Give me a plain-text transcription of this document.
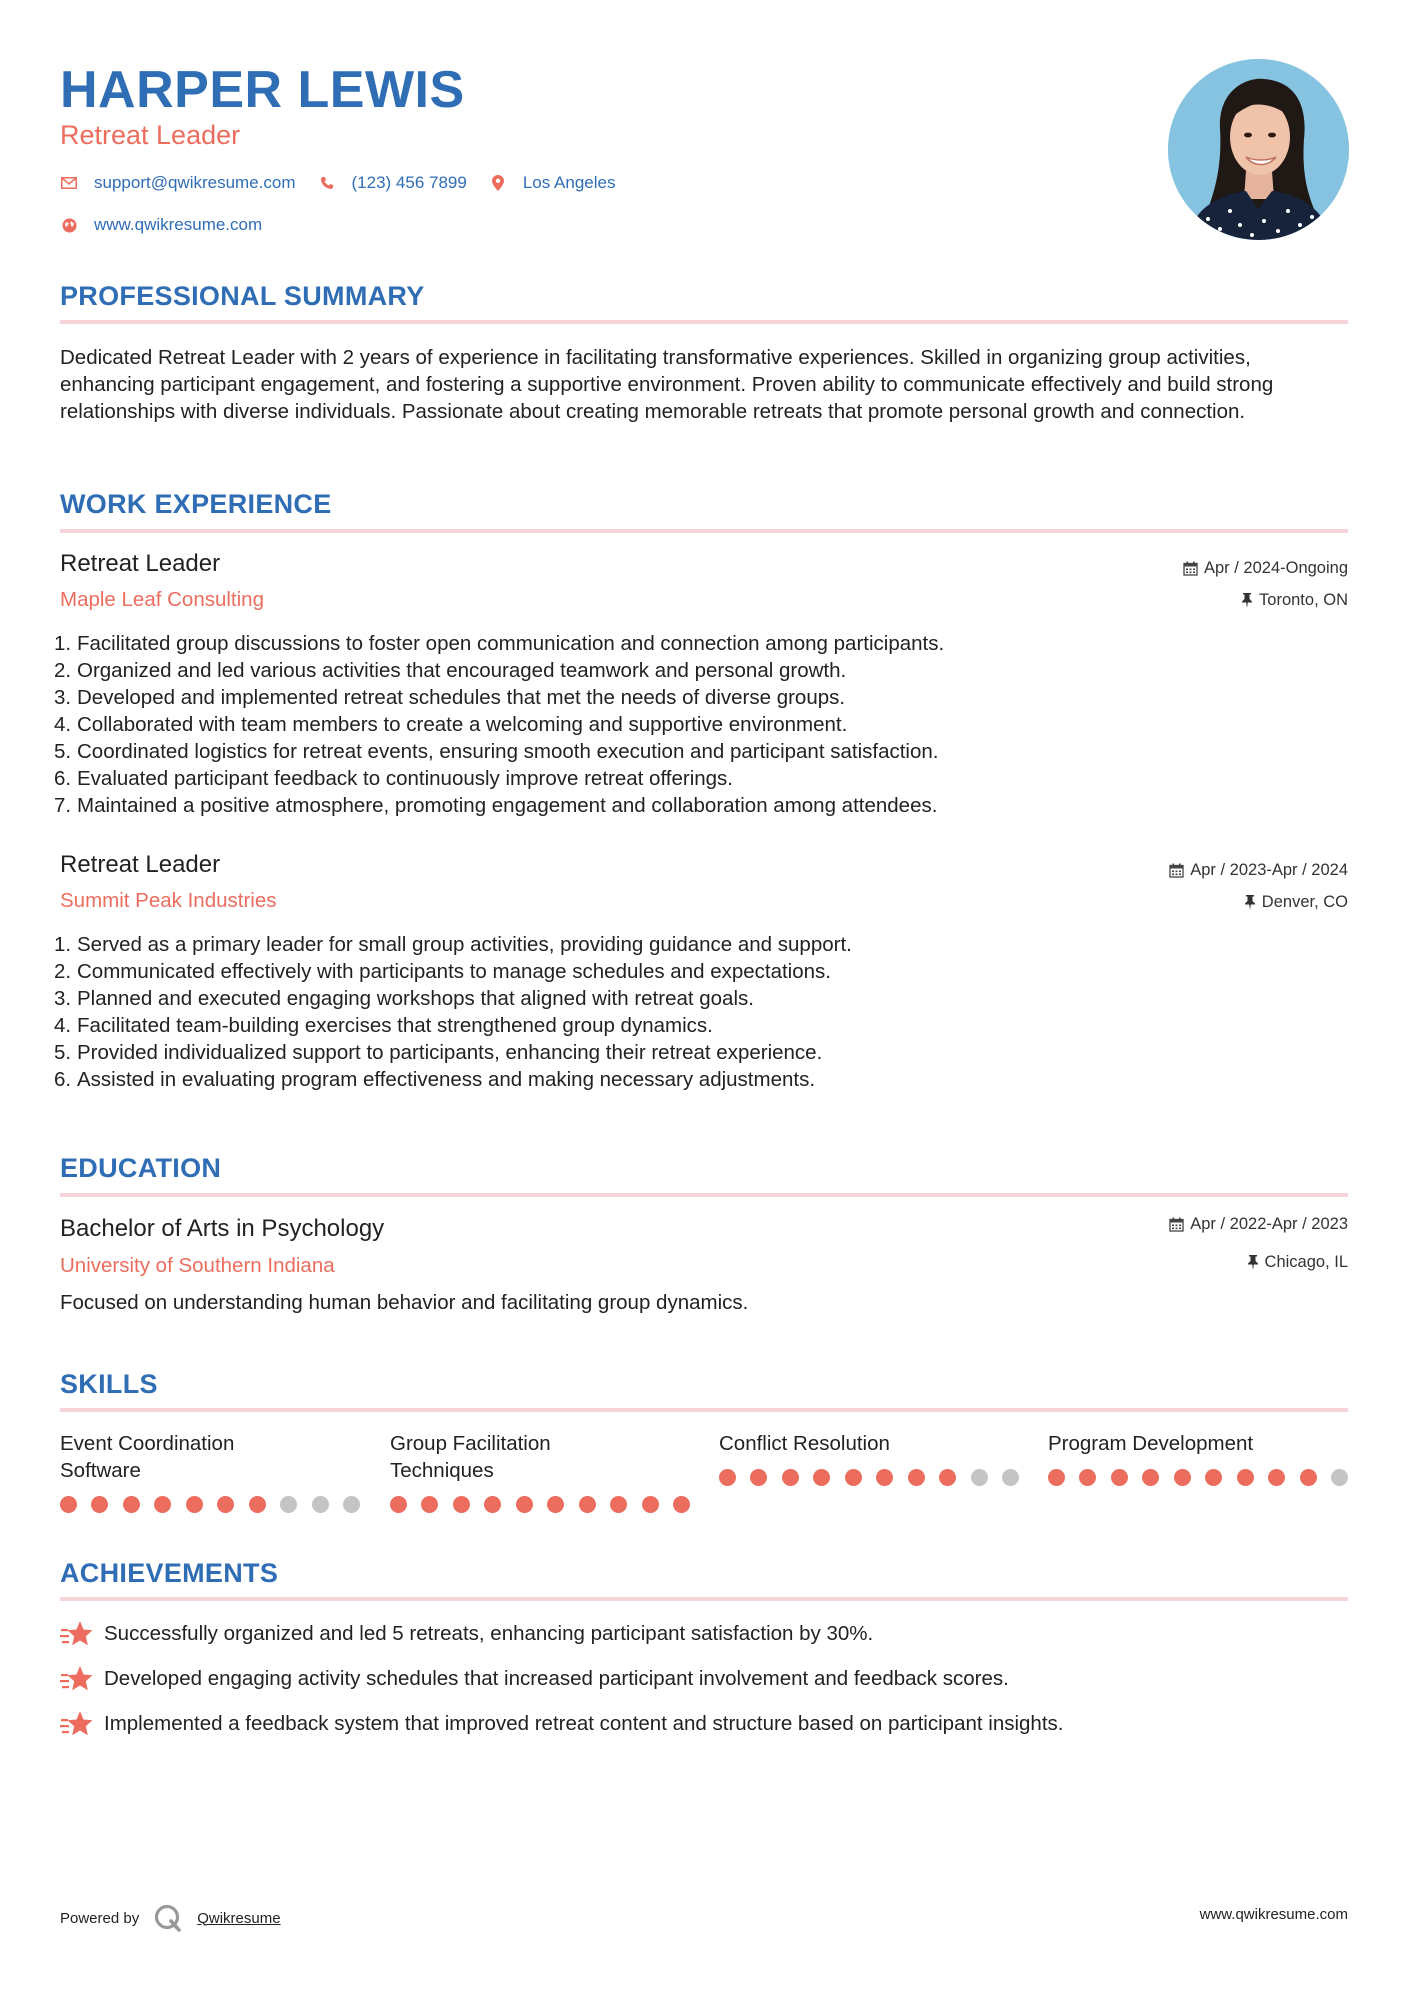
HARPER LEWIS
Retreat Leader
support@qwikresume.com	(123) 456 7899	Los Angeles
www.qwikresume.com
PROFESSIONAL SUMMARY
Dedicated Retreat Leader with 2 years of experience in facilitating transformative experiences. Skilled in organizing group activities, enhancing participant engagement, and fostering a supportive environment. Proven ability to communicate effectively and build strong relationships with diverse individuals. Passionate about creating memorable retreats that promote personal growth and connection.
WORK EXPERIENCE
Retreat Leader
Maple Leaf Consulting
Apr / 2024-Ongoing
Toronto, ON
1. Facilitated group discussions to foster open communication and connection among participants.
2. Organized and led various activities that encouraged teamwork and personal growth.
3. Developed and implemented retreat schedules that met the needs of diverse groups.
4. Collaborated with team members to create a welcoming and supportive environment.
5. Coordinated logistics for retreat events, ensuring smooth execution and participant satisfaction.
6. Evaluated participant feedback to continuously improve retreat offerings.
7. Maintained a positive atmosphere, promoting engagement and collaboration among attendees.
Retreat Leader
Summit Peak Industries
Apr / 2023-Apr / 2024
Denver, CO
1. Served as a primary leader for small group activities, providing guidance and support.
2. Communicated effectively with participants to manage schedules and expectations.
3. Planned and executed engaging workshops that aligned with retreat goals.
4. Facilitated team-building exercises that strengthened group dynamics.
5. Provided individualized support to participants, enhancing their retreat experience.
6. Assisted in evaluating program effectiveness and making necessary adjustments.
EDUCATION
Bachelor of Arts in Psychology
University of Southern Indiana
Apr / 2022-Apr / 2023
Chicago, IL
Focused on understanding human behavior and facilitating group dynamics.
SKILLS
Event Coordination
Software
Group Facilitation
Techniques
Conflict Resolution	Program Development
ACHIEVEMENTS
Successfully organized and led 5 retreats, enhancing participant satisfaction by 30%.
Developed engaging activity schedules that increased participant involvement and feedback scores.
Implemented a feedback system that improved retreat content and structure based on participant insights.
Powered by	Qwikresume	www.qwikresume.com
